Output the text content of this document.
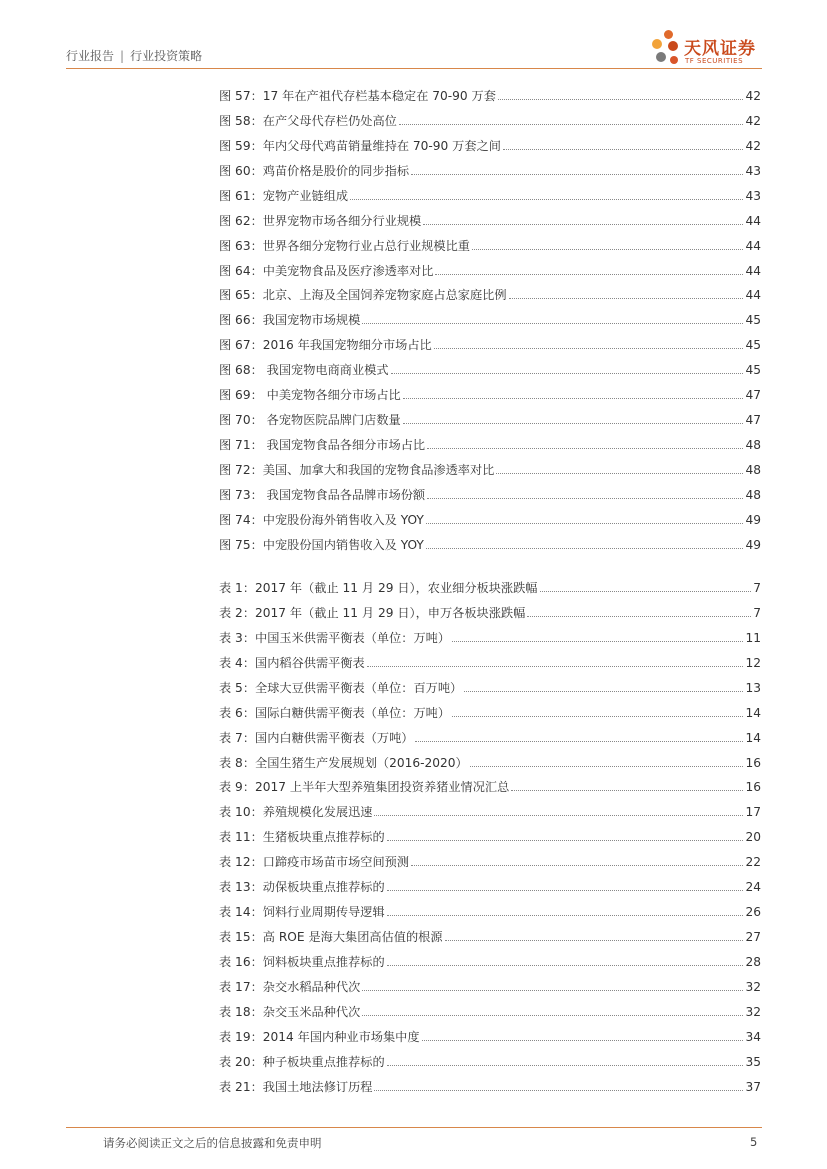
行业报告 | 行业投资策略	天风证券
TF SECURITIES
图 57：17 年在产祖代存栏基本稳定在 70-90 万套	42
图 58：在产父母代存栏仍处高位	42
图 59：年内父母代鸡苗销量维持在 70-90 万套之间	42
图 60：鸡苗价格是股价的同步指标	43
图 61：宠物产业链组成	43
图 62：世界宠物市场各细分行业规模	44
图 63：世界各细分宠物行业占总行业规模比重	44
图 64：中美宠物食品及医疗渗透率对比	44
图 65：北京、上海及全国饲养宠物家庭占总家庭比例	44
图 66：我国宠物市场规模	45
图 67：2016 年我国宠物细分市场占比	45
图 68： 我国宠物电商商业模式	45
图 69： 中美宠物各细分市场占比	47
图 70： 各宠物医院品牌门店数量	47
图 71： 我国宠物食品各细分市场占比	48
图 72：美国、加拿大和我国的宠物食品渗透率对比	48
图 73： 我国宠物食品各品牌市场份额	48
图 74：中宠股份海外销售收入及 YOY	49
图 75：中宠股份国内销售收入及 YOY	49
表 1：2017 年（截止 11 月 29 日），农业细分板块涨跌幅	7
表 2：2017 年（截止 11 月 29 日），申万各板块涨跌幅	7
表 3：中国玉米供需平衡表（单位：万吨）	11
表 4：国内稻谷供需平衡表	12
表 5：全球大豆供需平衡表（单位：百万吨）	13
表 6：国际白糖供需平衡表（单位：万吨）	14
表 7：国内白糖供需平衡表（万吨）	14
表 8：全国生猪生产发展规划（2016-2020）	16
表 9：2017 上半年大型养殖集团投资养猪业情况汇总	16
表 10：养殖规模化发展迅速	17
表 11：生猪板块重点推荐标的	20
表 12：口蹄疫市场苗市场空间预测	22
表 13：动保板块重点推荐标的	24
表 14：饲料行业周期传导逻辑	26
表 15：高 ROE 是海大集团高估值的根源	27
表 16：饲料板块重点推荐标的	28
表 17：杂交水稻品种代次	32
表 18：杂交玉米品种代次	32
表 19：2014 年国内种业市场集中度	34
表 20：种子板块重点推荐标的	35
表 21：我国土地法修订历程	37
请务必阅读正文之后的信息披露和免责申明	5
